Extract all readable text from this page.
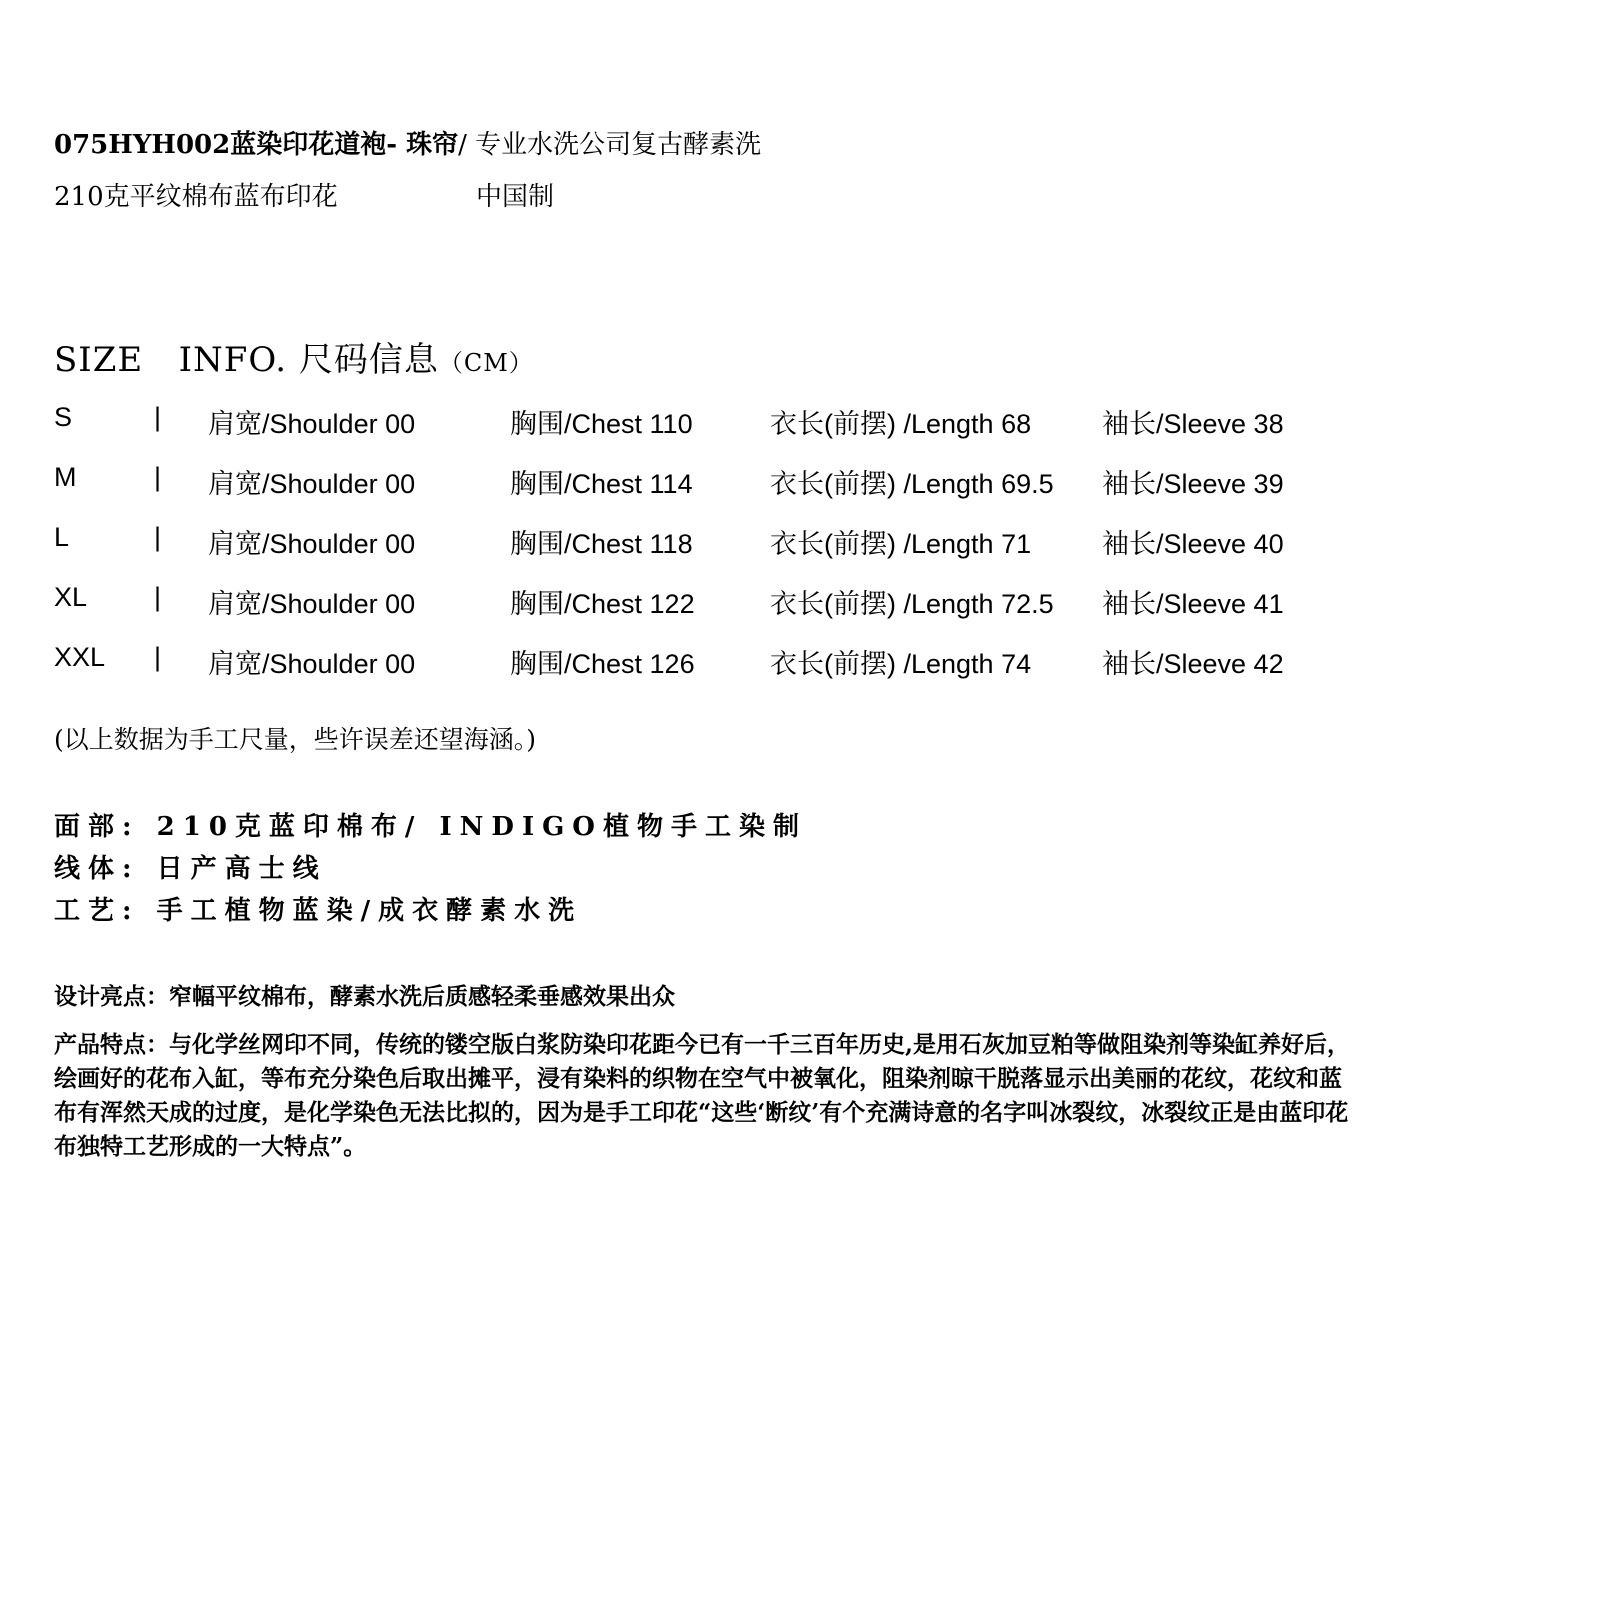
075HYH002蓝染印花道袍- 珠帘/ 专业水洗公司复古酵素洗
210克平纹棉布蓝布印花	中国制
SIZE   INFO. 尺码信息（CM）
S	| 肩宽/Shoulder 00	胸围/Chest 110	衣长(前摆) /Length 68	袖长/Sleeve 38
M	| 肩宽/Shoulder 00	胸围/Chest 114	衣长(前摆) /Length 69.5 袖长/Sleeve 39
L	| 肩宽/Shoulder 00	胸围/Chest 118	衣长(前摆) /Length 71	袖长/Sleeve 40
XL | 肩宽/Shoulder 00	胸围/Chest 122	衣长(前摆) /Length 72.5 袖长/Sleeve 41
XXL | 肩宽/Shoulder 00	胸围/Chest 126	衣长(前摆) /Length 74	袖长/Sleeve 42
(以上数据为手工尺量，些许误差还望海涵。)
面部: 210克蓝印棉布/ INDIGO植物手工染制
线体: 日产高士线
工艺: 手工植物蓝染/成衣酵素水洗
设计亮点：窄幅平纹棉布，酵素水洗后质感轻柔垂感效果出众
产品特点：与化学丝网印不同，传统的镂空版白浆防染印花距今已有一千三百年历史,是用石灰加豆粕等做阻染剂等染缸养好后，绘画好的花布入缸，等布充分染色后取出摊平，浸有染料的织物在空气中被氧化，阻染剂晾干脱落显示出美丽的花纹，花纹和蓝布有浑然天成的过度，是化学染色无法比拟的，因为是手工印花“这些‘断纹’有个充满诗意的名字叫冰裂纹，冰裂纹正是由蓝印花布独特工艺形成的一大特点”。
